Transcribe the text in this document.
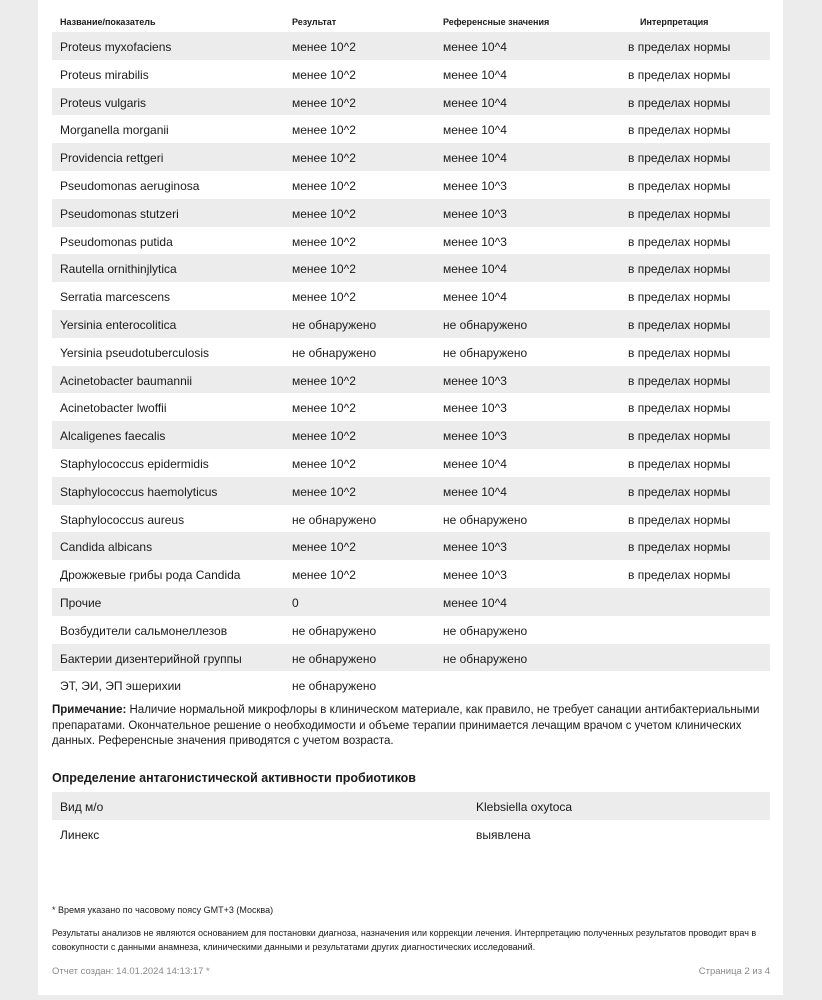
Название/показатель	Результат	Референсные значения	Интерпретация
Proteus myxofaciens	менее 10^2	менее 10^4	в пределах нормы
Proteus mirabilis	менее 10^2	менее 10^4	в пределах нормы
Proteus vulgaris	менее 10^2	менее 10^4	в пределах нормы
Morganella morganii	менее 10^2	менее 10^4	в пределах нормы
Providencia rettgeri	менее 10^2	менее 10^4	в пределах нормы
Pseudomonas aeruginosa	менее 10^2	менее 10^3	в пределах нормы
Pseudomonas stutzeri	менее 10^2	менее 10^3	в пределах нормы
Pseudomonas putida	менее 10^2	менее 10^3	в пределах нормы
Rautella ornithinjlytica	менее 10^2	менее 10^4	в пределах нормы
Serratia marcescens	менее 10^2	менее 10^4	в пределах нормы
Yersinia enterocolitica	не обнаружено	не обнаружено	в пределах нормы
Yersinia pseudotuberculosis	не обнаружено	не обнаружено	в пределах нормы
Acinetobacter baumannii	менее 10^2	менее 10^3	в пределах нормы
Acinetobacter lwoffii	менее 10^2	менее 10^3	в пределах нормы
Alcaligenes faecalis	менее 10^2	менее 10^3	в пределах нормы
Staphylococcus epidermidis	менее 10^2	менее 10^4	в пределах нормы
Staphylococcus haemolyticus	менее 10^2	менее 10^4	в пределах нормы
Staphylococcus aureus	не обнаружено	не обнаружено	в пределах нормы
Candida albicans	менее 10^2	менее 10^3	в пределах нормы
Дрожжевые грибы рода Candida	менее 10^2	менее 10^3	в пределах нормы
Прочие	0	менее 10^4
Возбудители сальмонеллезов	не обнаружено	не обнаружено
Бактерии дизентерийной группы	не обнаружено	не обнаружено
ЭТ, ЭИ, ЭП эшерихии	не обнаружено
Примечание: Наличие нормальной микрофлоры в клиническом материале, как правило, не требует санации антибактериальными препаратами. Окончательное решение о необходимости и объеме терапии принимается лечащим врачом с учетом клинических данных. Референсные значения приводятся с учетом возраста.
Определение антагонистической активности пробиотиков
Вид м/о	Klebsiella oxytoca
Линекс	выявлена
* Время указано по часовому поясу GMT+3 (Москва)
Результаты анализов не являются основанием для постановки диагноза, назначения или коррекции лечения. Интерпретацию полученных результатов проводит врач в совокупности с данными анамнеза, клиническими данными и результатами других диагностических исследований.
Отчет создан: 14.01.2024 14:13:17 *	Страница 2 из 4
